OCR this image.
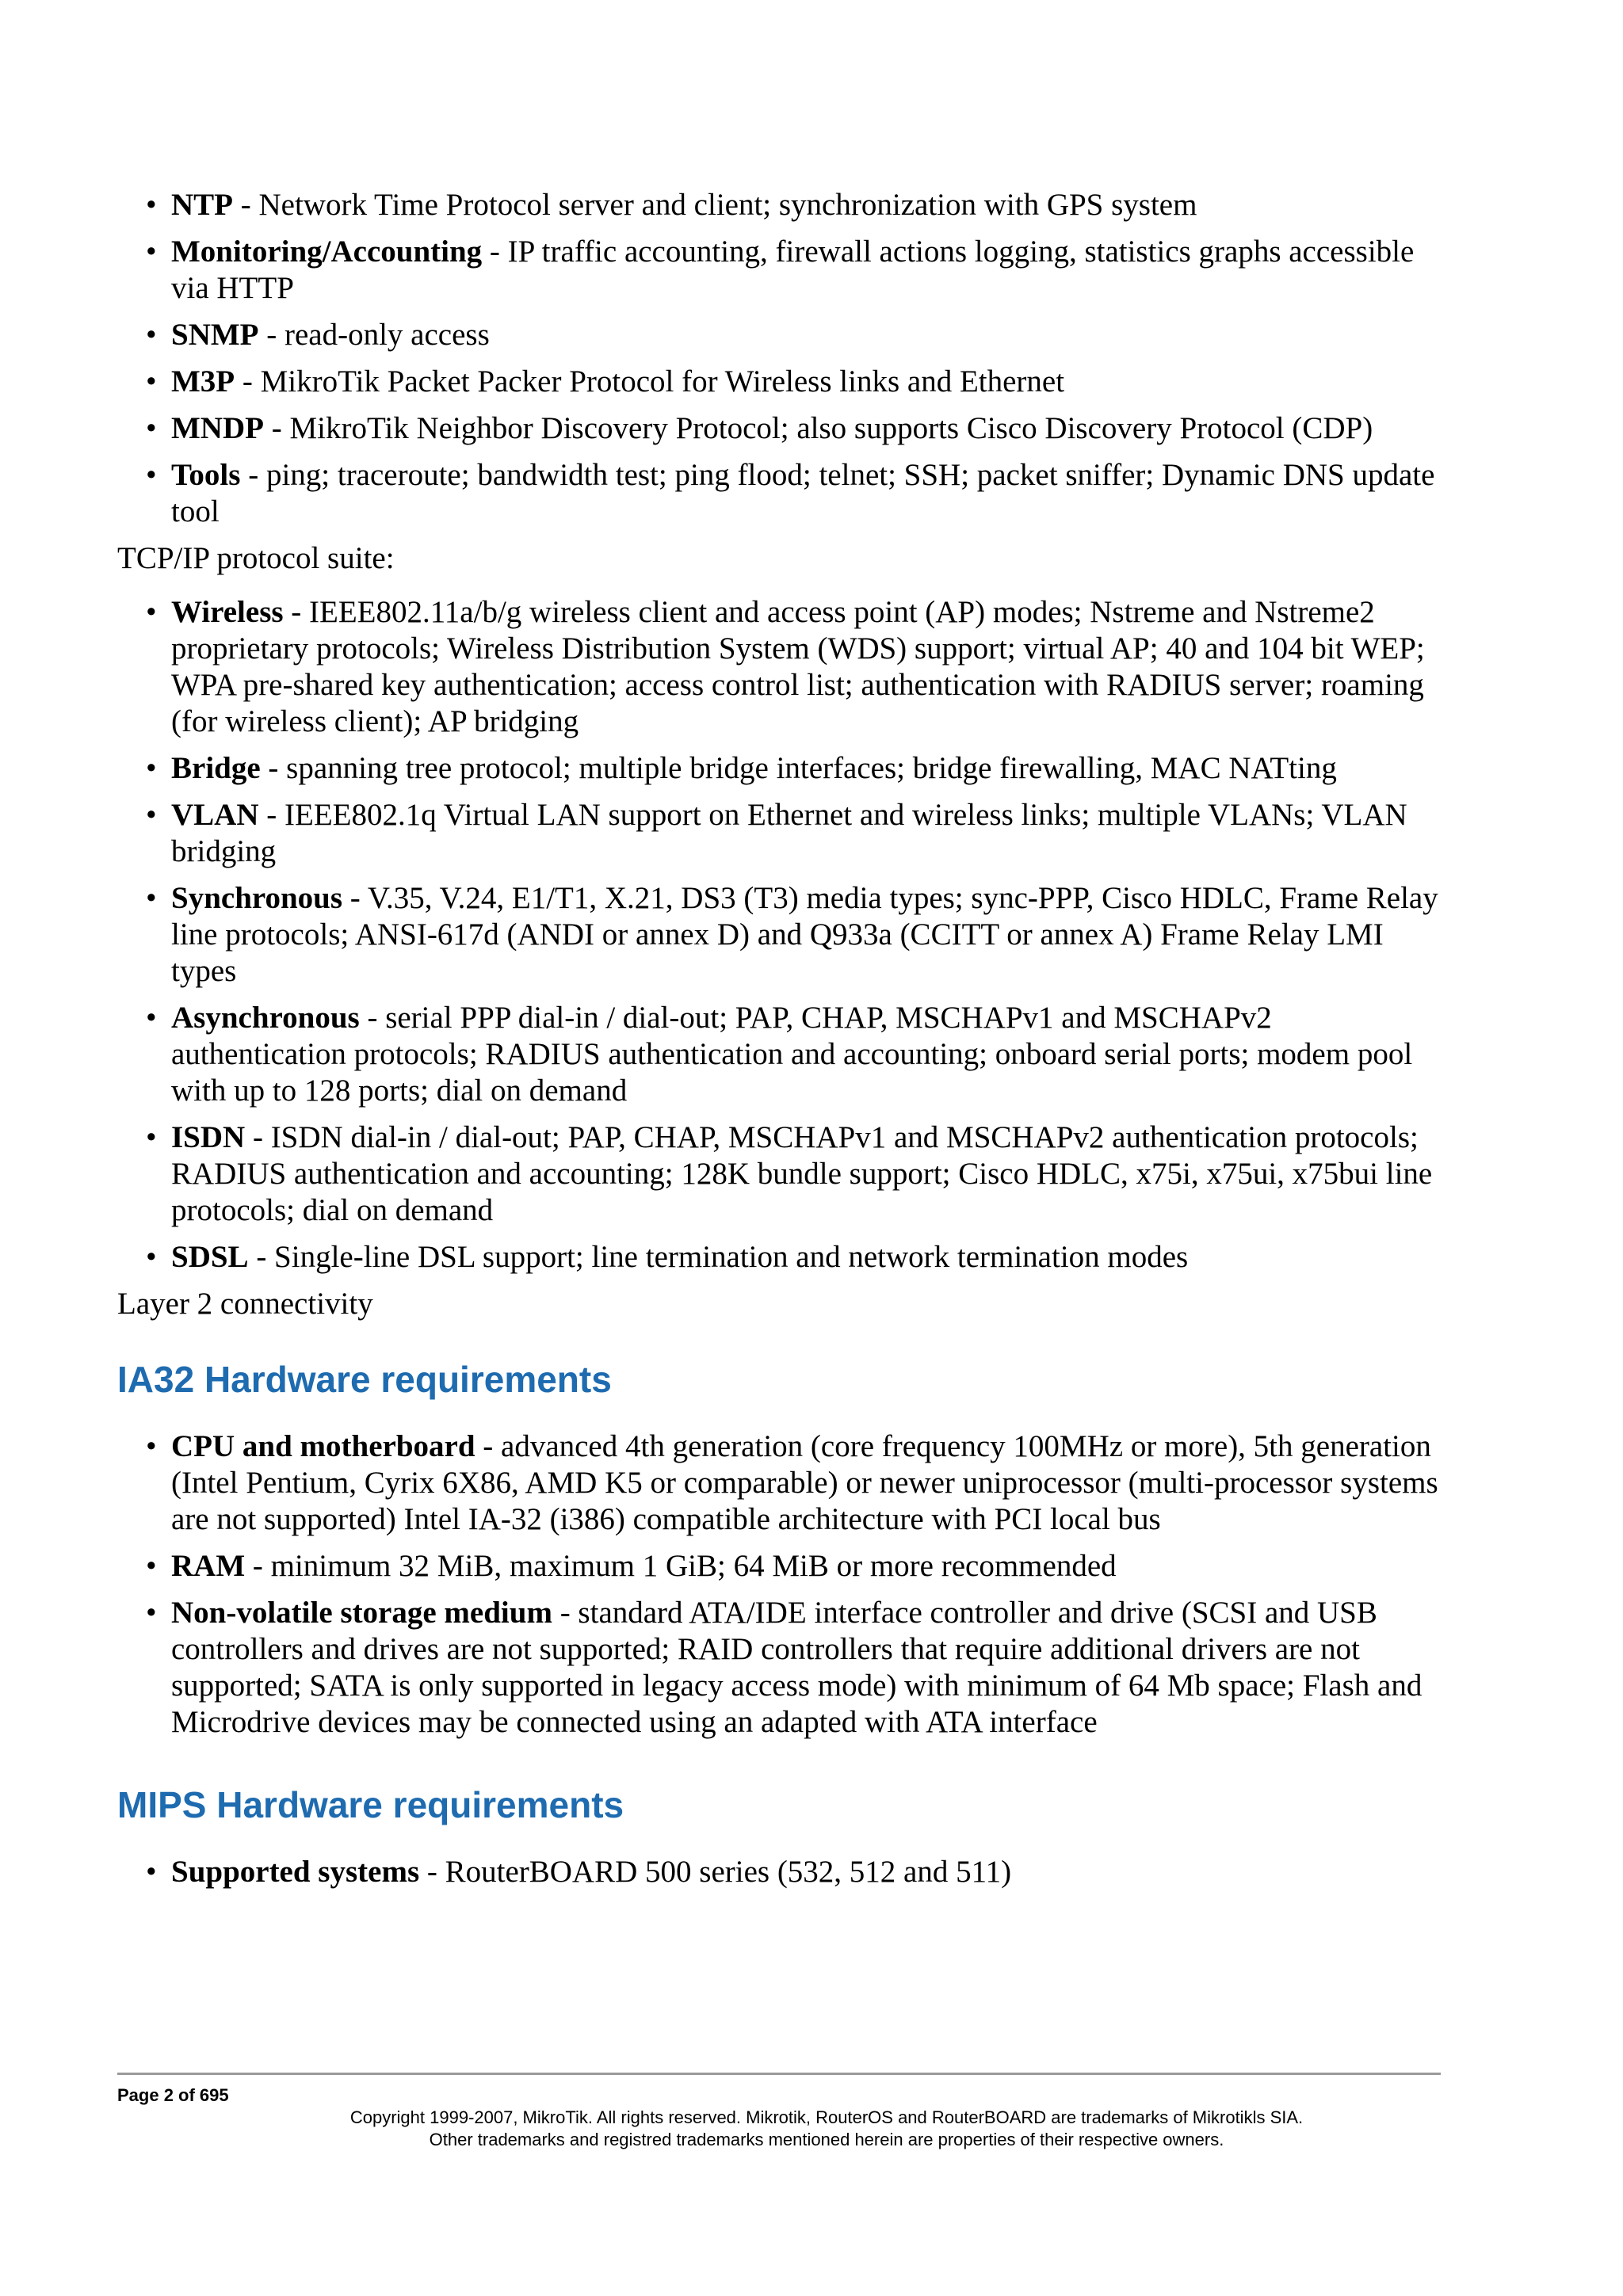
• NTP - Network Time Protocol server and client; synchronization with GPS system
• Monitoring/Accounting - IP traffic accounting, firewall actions logging, statistics graphs accessible via HTTP
• SNMP - read-only access
• M3P - MikroTik Packet Packer Protocol for Wireless links and Ethernet
• MNDP - MikroTik Neighbor Discovery Protocol; also supports Cisco Discovery Protocol (CDP)
• Tools - ping; traceroute; bandwidth test; ping flood; telnet; SSH; packet sniffer; Dynamic DNS update tool

TCP/IP protocol suite:

• Wireless - IEEE802.11a/b/g wireless client and access point (AP) modes; Nstreme and Nstreme2 proprietary protocols; Wireless Distribution System (WDS) support; virtual AP; 40 and 104 bit WEP; WPA pre-shared key authentication; access control list; authentication with RADIUS server; roaming (for wireless client); AP bridging
• Bridge - spanning tree protocol; multiple bridge interfaces; bridge firewalling, MAC NATting
• VLAN - IEEE802.1q Virtual LAN support on Ethernet and wireless links; multiple VLANs; VLAN bridging
• Synchronous - V.35, V.24, E1/T1, X.21, DS3 (T3) media types; sync-PPP, Cisco HDLC, Frame Relay line protocols; ANSI-617d (ANDI or annex D) and Q933a (CCITT or annex A) Frame Relay LMI types
• Asynchronous - serial PPP dial-in / dial-out; PAP, CHAP, MSCHAPv1 and MSCHAPv2 authentication protocols; RADIUS authentication and accounting; onboard serial ports; modem pool with up to 128 ports; dial on demand
• ISDN - ISDN dial-in / dial-out; PAP, CHAP, MSCHAPv1 and MSCHAPv2 authentication protocols; RADIUS authentication and accounting; 128K bundle support; Cisco HDLC, x75i, x75ui, x75bui line protocols; dial on demand
• SDSL - Single-line DSL support; line termination and network termination modes

Layer 2 connectivity

IA32 Hardware requirements
• CPU and motherboard - advanced 4th generation (core frequency 100MHz or more), 5th generation (Intel Pentium, Cyrix 6X86, AMD K5 or comparable) or newer uniprocessor (multi-processor systems are not supported) Intel IA-32 (i386) compatible architecture with PCI local bus
• RAM - minimum 32 MiB, maximum 1 GiB; 64 MiB or more recommended
• Non-volatile storage medium - standard ATA/IDE interface controller and drive (SCSI and USB controllers and drives are not supported; RAID controllers that require additional drivers are not supported; SATA is only supported in legacy access mode) with minimum of 64 Mb space; Flash and Microdrive devices may be connected using an adapted with ATA interface
MIPS Hardware requirements
• Supported systems - RouterBOARD 500 series (532, 512 and 511)
Page 2 of 695
Copyright 1999-2007, MikroTik. All rights reserved. Mikrotik, RouterOS and RouterBOARD are trademarks of Mikrotikls SIA.
Other trademarks and registred trademarks mentioned herein are properties of their respective owners.
